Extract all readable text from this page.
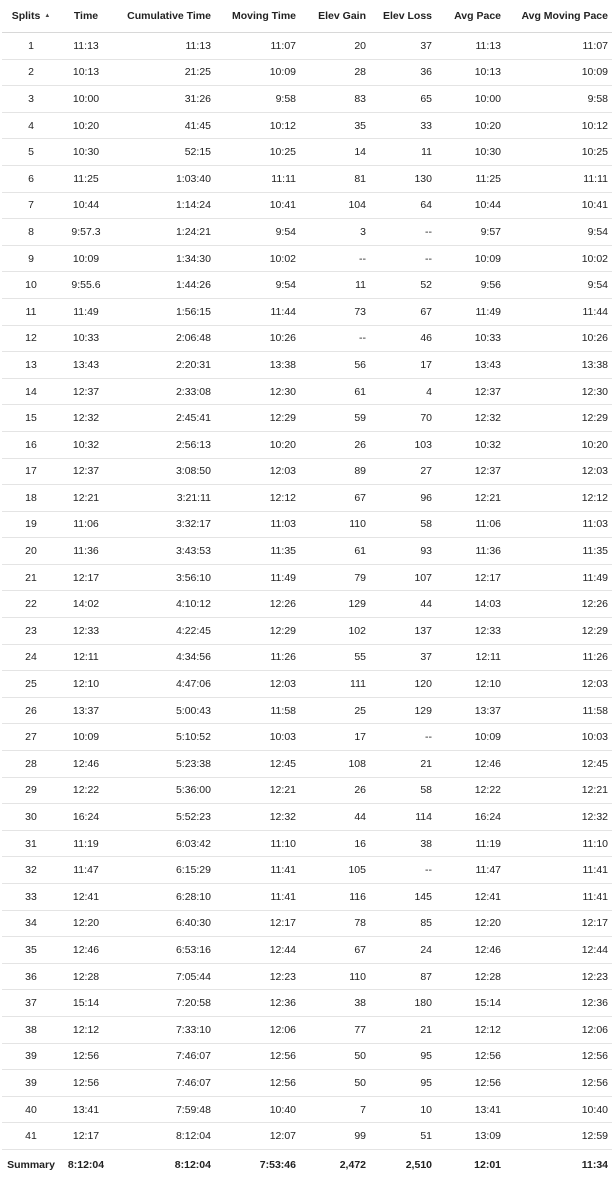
Splits ▲	Time	Cumulative Time	Moving Time	Elev Gain	Elev Loss	Avg Pace	Avg Moving Pace
1	11:13	11:13	11:07	20	37	11:13	11:07
2	10:13	21:25	10:09	28	36	10:13	10:09
3	10:00	31:26	9:58	83	65	10:00	9:58
4	10:20	41:45	10:12	35	33	10:20	10:12
5	10:30	52:15	10:25	14	11	10:30	10:25
6	11:25	1:03:40	11:11	81	130	11:25	11:11
7	10:44	1:14:24	10:41	104	64	10:44	10:41
8	9:57.3	1:24:21	9:54	3	--	9:57	9:54
9	10:09	1:34:30	10:02	--	--	10:09	10:02
10	9:55.6	1:44:26	9:54	11	52	9:56	9:54
11	11:49	1:56:15	11:44	73	67	11:49	11:44
12	10:33	2:06:48	10:26	--	46	10:33	10:26
13	13:43	2:20:31	13:38	56	17	13:43	13:38
14	12:37	2:33:08	12:30	61	4	12:37	12:30
15	12:32	2:45:41	12:29	59	70	12:32	12:29
16	10:32	2:56:13	10:20	26	103	10:32	10:20
17	12:37	3:08:50	12:03	89	27	12:37	12:03
18	12:21	3:21:11	12:12	67	96	12:21	12:12
19	11:06	3:32:17	11:03	110	58	11:06	11:03
20	11:36	3:43:53	11:35	61	93	11:36	11:35
21	12:17	3:56:10	11:49	79	107	12:17	11:49
22	14:02	4:10:12	12:26	129	44	14:03	12:26
23	12:33	4:22:45	12:29	102	137	12:33	12:29
24	12:11	4:34:56	11:26	55	37	12:11	11:26
25	12:10	4:47:06	12:03	111	120	12:10	12:03
26	13:37	5:00:43	11:58	25	129	13:37	11:58
27	10:09	5:10:52	10:03	17	--	10:09	10:03
28	12:46	5:23:38	12:45	108	21	12:46	12:45
29	12:22	5:36:00	12:21	26	58	12:22	12:21
30	16:24	5:52:23	12:32	44	114	16:24	12:32
31	11:19	6:03:42	11:10	16	38	11:19	11:10
32	11:47	6:15:29	11:41	105	--	11:47	11:41
33	12:41	6:28:10	11:41	116	145	12:41	11:41
34	12:20	6:40:30	12:17	78	85	12:20	12:17
35	12:46	6:53:16	12:44	67	24	12:46	12:44
36	12:28	7:05:44	12:23	110	87	12:28	12:23
37	15:14	7:20:58	12:36	38	180	15:14	12:36
38	12:12	7:33:10	12:06	77	21	12:12	12:06
39	12:56	7:46:07	12:56	50	95	12:56	12:56
39	12:56	7:46:07	12:56	50	95	12:56	12:56
40	13:41	7:59:48	10:40	7	10	13:41	10:40
41	12:17	8:12:04	12:07	99	51	13:09	12:59
Summary	8:12:04	8:12:04	7:53:46	2,472	2,510	12:01	11:34
